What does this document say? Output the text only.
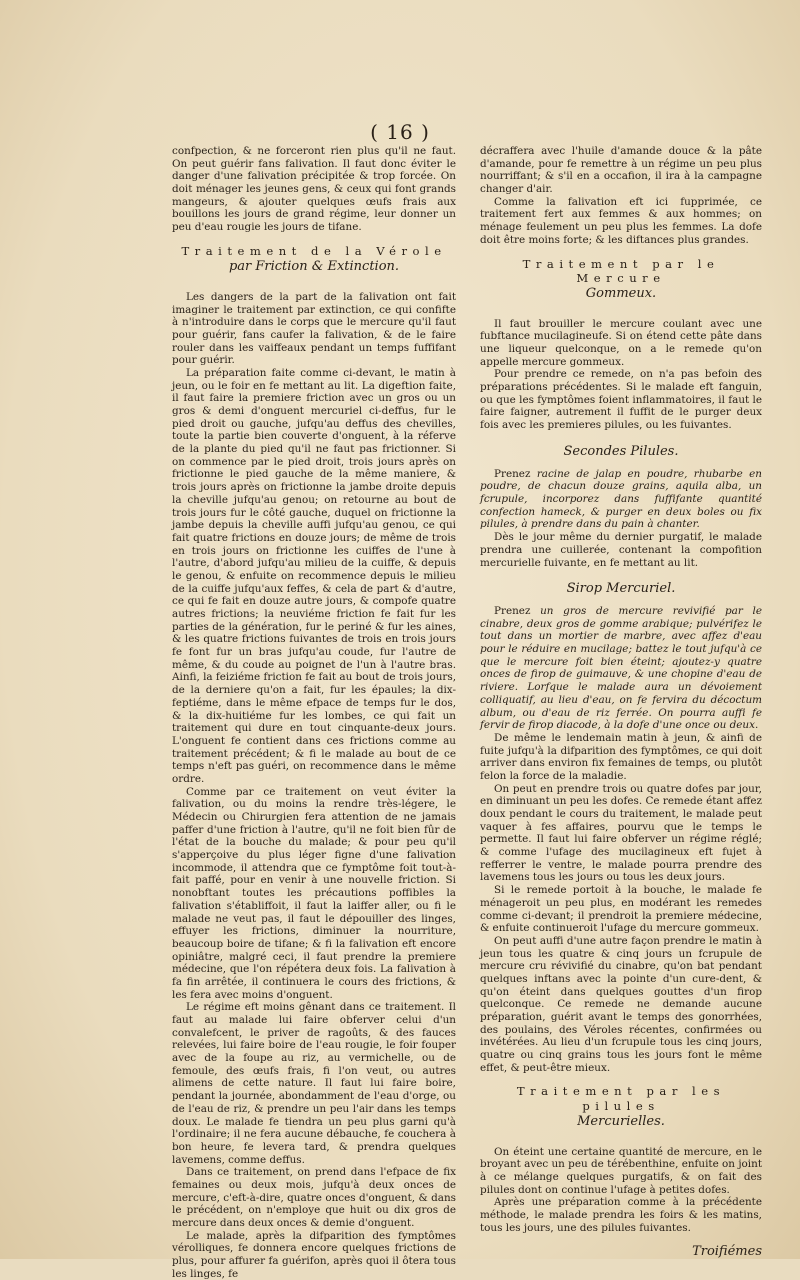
( 16 )

confpection, & ne forceront rien plus qu'il ne faut. On peut guérir fans falivation. Il faut donc éviter le danger d'une falivation précipitée & trop forcée. On doit ménager les jeunes gens, & ceux qui font grands mangeurs, & ajouter quelques œufs frais aux bouillons les jours de grand régime, leur donner un peu d'eau rougie les jours de tifane.

Traitement de la Vérole
par Friction & Extinction.

Les dangers de la part de la falivation ont fait imaginer le traitement par extinction, ce qui confifte à n'introduire dans le corps que le mercure qu'il faut pour guérir, fans caufer la falivation, & de le faire rouler dans les vaiffeaux pendant un temps fuffifant pour guérir.

La préparation faite comme ci-devant, le matin à jeun, ou le foir en fe mettant au lit. La digeftion faite, il faut faire la premiere friction avec un gros ou un gros & demi d'onguent mercuriel ci-deffus, fur le pied droit ou gauche, jufqu'au deffus des chevilles, toute la partie bien couverte d'onguent, à la réferve de la plante du pied qu'il ne faut pas frictionner. Si on commence par le pied droit, trois jours après on frictionne le pied gauche de la même maniere, & trois jours après on frictionne la jambe droite depuis la cheville jufqu'au genou; on retourne au bout de trois jours fur le côté gauche, duquel on frictionne la jambe depuis la cheville auffi jufqu'au genou, ce qui fait quatre frictions en douze jours; de même de trois en trois jours on frictionne les cuiffes de l'une à l'autre, d'abord jufqu'au milieu de la cuiffe, & depuis le genou, & enfuite on recommence depuis le milieu de la cuiffe jufqu'aux feffes, & cela de part & d'autre, ce qui fe fait en douze autre jours, & compofe quatre autres frictions; la neuviéme friction fe fait fur les parties de la génération, fur le periné & fur les aines, & les quatre frictions fuivantes de trois en trois jours fe font fur un bras jufqu'au coude, fur l'autre de même, & du coude au poignet de l'un à l'autre bras. Ainfi, la feiziéme friction fe fait au bout de trois jours, de la derniere qu'on a fait, fur les épaules; la dix-feptiéme, dans le même efpace de temps fur le dos, & la dix-huitiéme fur les lombes, ce qui fait un traitement qui dure en tout cinquante-deux jours. L'onguent fe contient dans ces frictions comme au traitement précédent; & fi le malade au bout de ce temps n'eft pas guéri, on recommence dans le même ordre.

Comme par ce traitement on veut éviter la falivation, ou du moins la rendre très-légere, le Médecin ou Chirurgien fera attention de ne jamais paffer d'une friction à l'autre, qu'il ne foit bien fûr de l'état de la bouche du malade; & pour peu qu'il s'apperçoive du plus léger figne d'une falivation incommode, il attendra que ce fymptôme foit tout-à-fait paffé, pour en venir à une nouvelle friction. Si nonobftant toutes les précautions poffibles la falivation s'établiffoit, il faut la laiffer aller, ou fi le malade ne veut pas, il faut le dépouiller des linges, effuyer les frictions, diminuer la nourriture, beaucoup boire de tifane; & fi la falivation eft encore opiniâtre, malgré ceci, il faut prendre la premiere médecine, que l'on répétera deux fois. La falivation à fa fin arrêtée, il continuera le cours des frictions, & les fera avec moins d'onguent.

Le régime eft moins gênant dans ce traitement. Il faut au malade lui faire obferver celui d'un convalefcent, le priver de ragoûts, & des fauces relevées, lui faire boire de l'eau rougie, le foir fouper avec de la foupe au riz, au vermichelle, ou de femoule, des œufs frais, fi l'on veut, ou autres alimens de cette nature. Il faut lui faire boire, pendant la journée, abondamment de l'eau d'orge, ou de l'eau de riz, & prendre un peu l'air dans les temps doux. Le malade fe tiendra un peu plus garni qu'à l'ordinaire; il ne fera aucune débauche, fe couchera à bon heure, fe levera tard, & prendra quelques lavemens, comme deffus.

Dans ce traitement, on prend dans l'efpace de fix femaines ou deux mois, jufqu'à deux onces de mercure, c'eft-à-dire, quatre onces d'onguent, & dans le précédent, on n'employe que huit ou dix gros de mercure dans deux onces & demie d'onguent.

Le malade, après la difparition des fymptômes vérolliques, fe donnera encore quelques frictions de plus, pour affurer fa guérifon, après quoi il ôtera tous les linges, fe

décraffera avec l'huile d'amande douce & la pâte d'amande, pour fe remettre à un régime un peu plus nourriffant; & s'il en a occafion, il ira à la campagne changer d'air.

Comme la falivation eft ici fupprimée, ce traitement fert aux femmes & aux hommes; on ménage feulement un peu plus les femmes. La dofe doit être moins forte; & les diftances plus grandes.

Traitement par le Mercure
Gommeux.

Il faut brouiller le mercure coulant avec une fubftance mucilagineufe. Si on étend cette pâte dans une liqueur quelconque, on a le remede qu'on appelle mercure gommeux.

Pour prendre ce remede, on n'a pas befoin des préparations précédentes. Si le malade eft fanguin, ou que les fymptômes foient inflammatoires, il faut le faire faigner, autrement il fuffit de le purger deux fois avec les premieres pilules, ou les fuivantes.

Secondes Pilules.

Prenez racine de jalap en poudre, rhubarbe en poudre, de chacun douze grains, aquila alba, un fcrupule, incorporez dans fuffifante quantité confection hameck, & purger en deux boles ou fix pilules, à prendre dans du pain à chanter.

Dès le jour même du dernier purgatif, le malade prendra une cuillerée, contenant la compofition mercurielle fuivante, en fe mettant au lit.

Sirop Mercuriel.

Prenez un gros de mercure revivifié par le cinabre, deux gros de gomme arabique; pulvérifez le tout dans un mortier de marbre, avec affez d'eau pour le réduire en mucilage; battez le tout jufqu'à ce que le mercure foit bien éteint; ajoutez-y quatre onces de firop de guimauve, & une chopine d'eau de riviere. Lorfque le malade aura un dévoiement colliquatif, au lieu d'eau, on fe fervira du décoctum album, ou d'eau de riz ferrée. On pourra auffi fe fervir de firop diacode, à la dofe d'une once ou deux.

De même le lendemain matin à jeun, & ainfi de fuite jufqu'à la difparition des fymptômes, ce qui doit arriver dans environ fix femaines de temps, ou plutôt felon la force de la maladie.

On peut en prendre trois ou quatre dofes par jour, en diminuant un peu les dofes. Ce remede étant affez doux pendant le cours du traitement, le malade peut vaquer à fes affaires, pourvu que le temps le permette. Il faut lui faire obferver un régime réglé; & comme l'ufage des mucilagineux eft fujet à refferrer le ventre, le malade pourra prendre des lavemens tous les jours ou tous les deux jours.

Si le remede portoit à la bouche, le malade fe ménageroit un peu plus, en modérant les remedes comme ci-devant; il prendroit la premiere médecine, & enfuite continueroit l'ufage du mercure gommeux.

On peut auffi d'une autre façon prendre le matin à jeun tous les quatre & cinq jours un fcrupule de mercure cru révivifié du cinabre, qu'on bat pendant quelques inftans avec la pointe d'un cure-dent, & qu'on éteint dans quelques gouttes d'un firop quelconque. Ce remede ne demande aucune préparation, guérit avant le temps des gonorrhées, des poulains, des Véroles récentes, confirmées ou invétérées. Au lieu d'un fcrupule tous les cinq jours, quatre ou cinq grains tous les jours font le même effet, & peut-être mieux.

Traitement par les pilules
Mercurielles.

On éteint une certaine quantité de mercure, en le broyant avec un peu de térébenthine, enfuite on joint à ce mélange quelques purgatifs, & on fait des pilules dont on continue l'ufage à petites dofes.

Après une préparation comme à la précédente méthode, le malade prendra les foirs & les matins, tous les jours, une des pilules fuivantes.

Troifiémes
